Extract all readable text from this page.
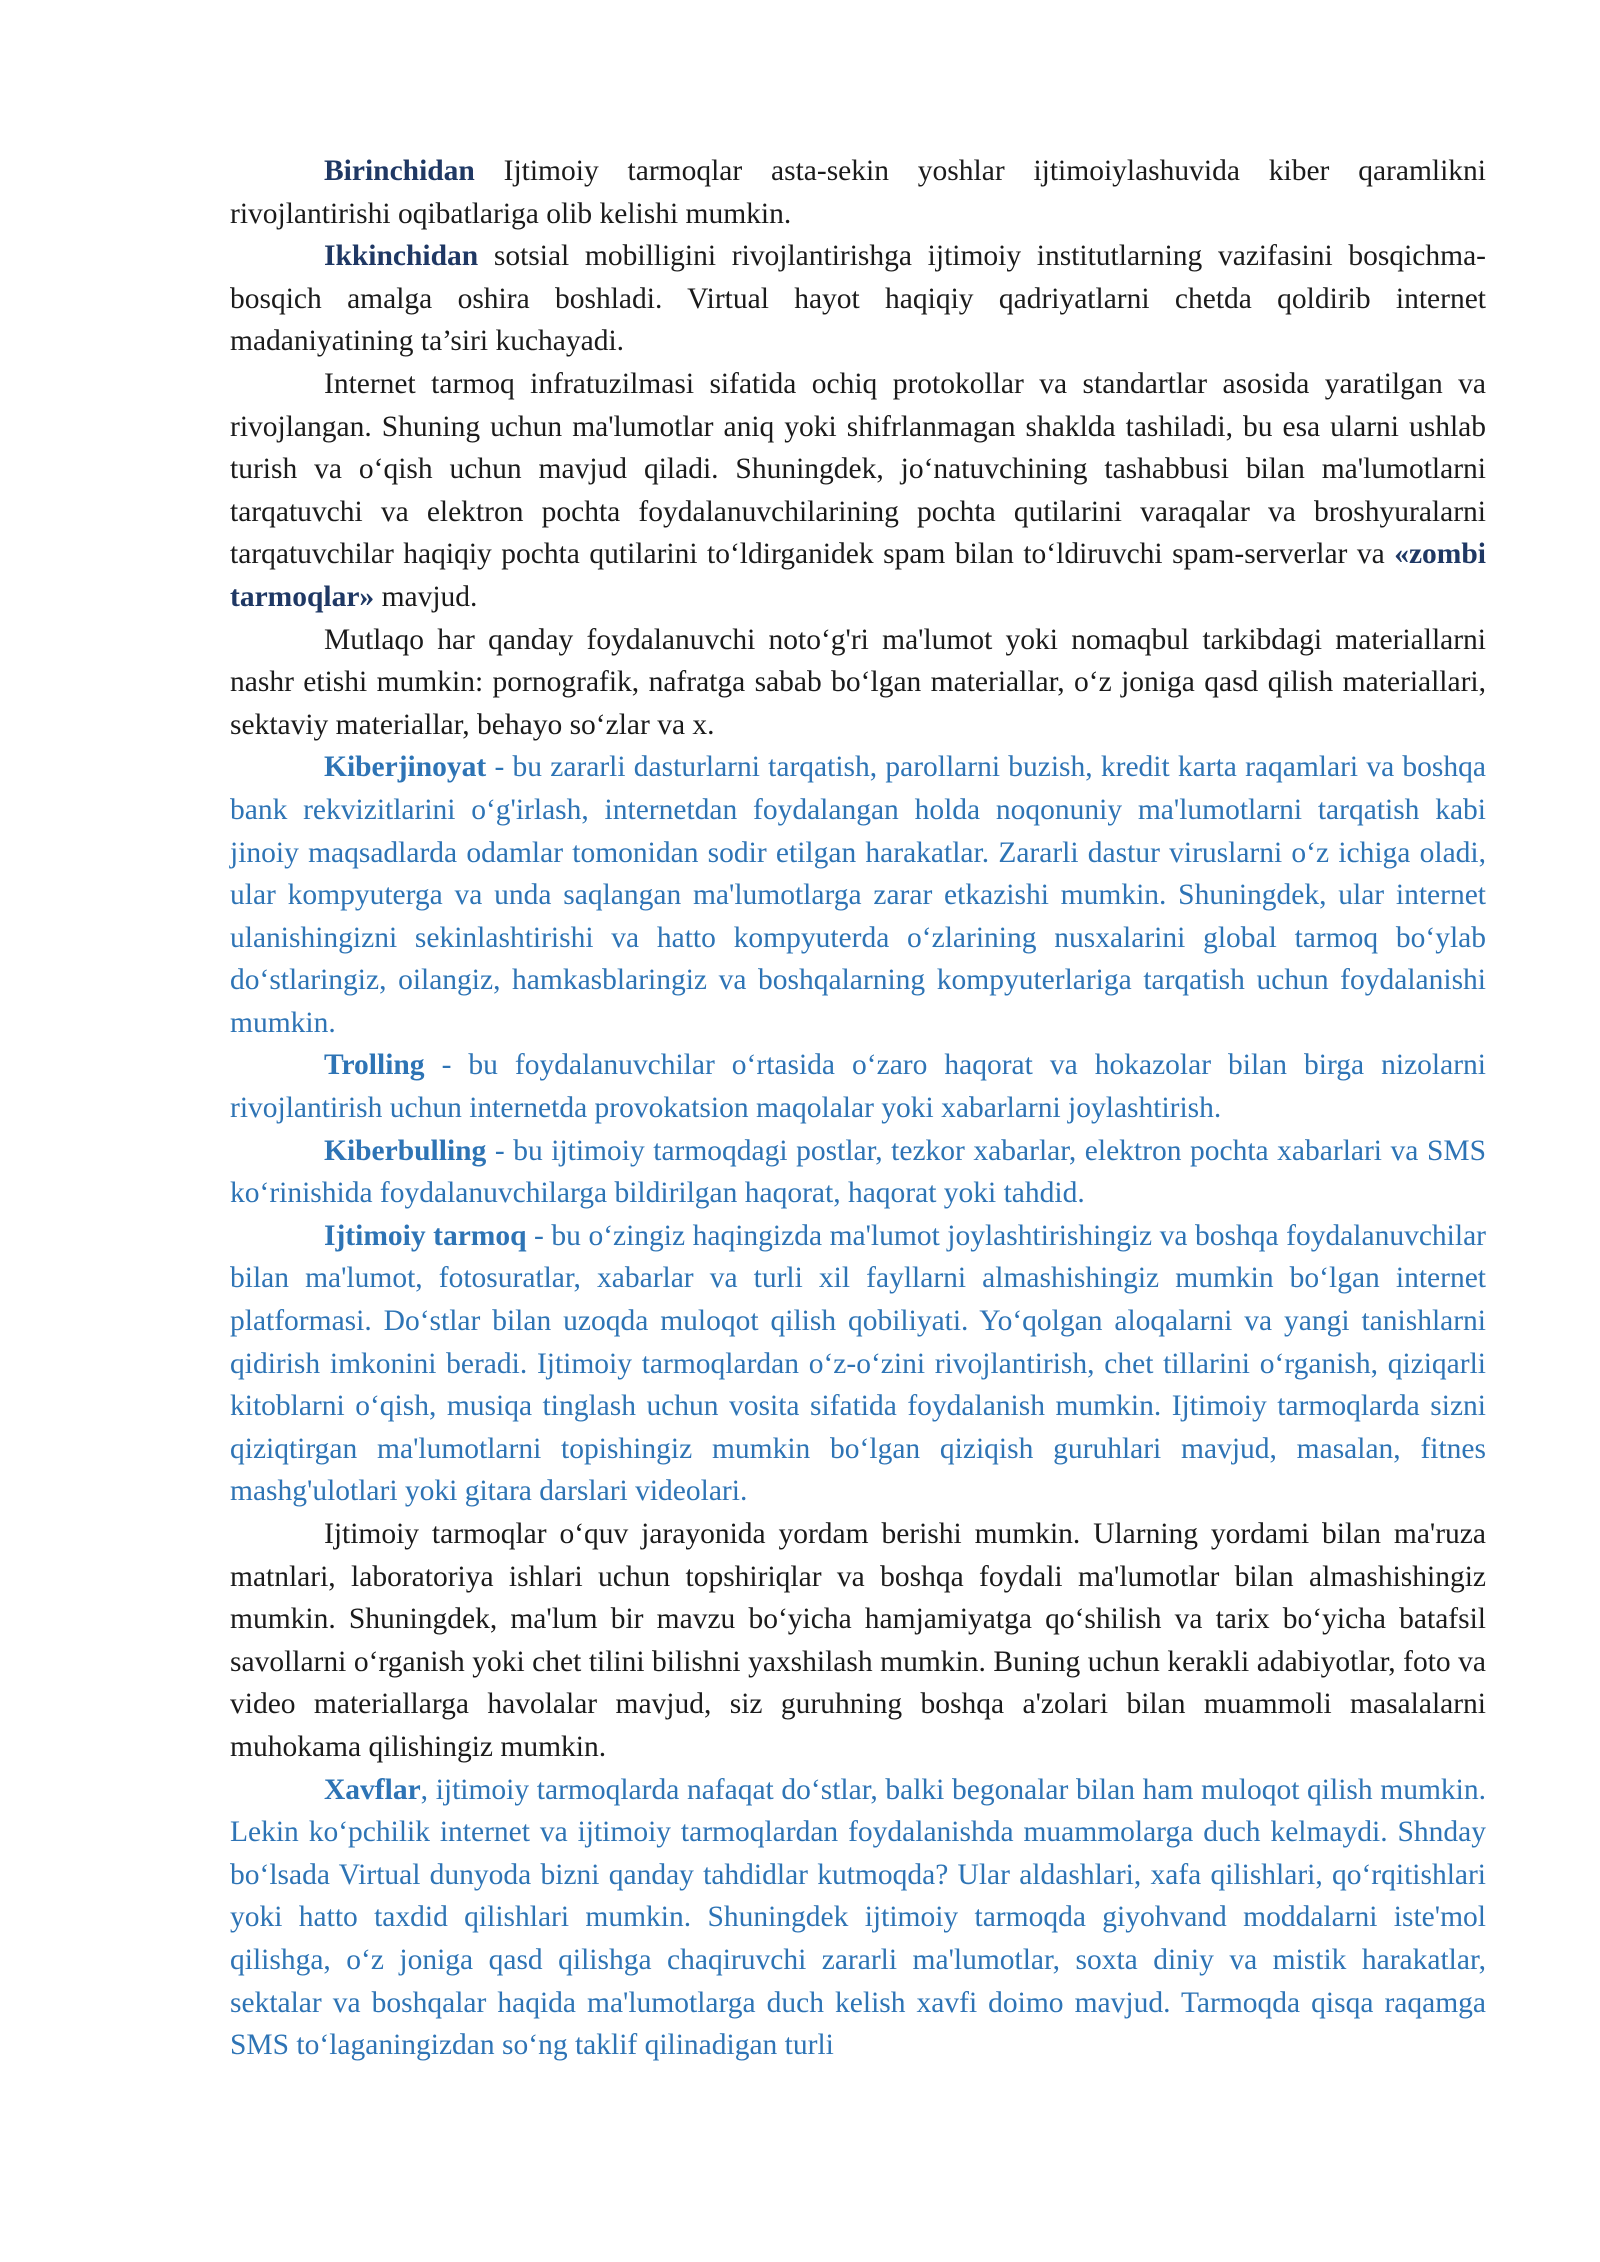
Birinchidan Ijtimoiy tarmoqlar asta-sekin yoshlar ijtimoiylashuvida kiber qaramlikni rivojlantirishi oqibatlariga olib kelishi mumkin.

Ikkinchidan sotsial mobilligini rivojlantirishga ijtimoiy institutlarning vazifasini bosqichma-bosqich amalga oshira boshladi. Virtual hayot haqiqiy qadriyatlarni chetda qoldirib internet madaniyatining ta’siri kuchayadi.

Internet tarmoq infratuzilmasi sifatida ochiq protokollar va standartlar asosida yaratilgan va rivojlangan. Shuning uchun ma'lumotlar aniq yoki shifrlanmagan shaklda tashiladi, bu esa ularni ushlab turish va o‘qish uchun mavjud qiladi. Shuningdek, jo‘natuvchining tashabbusi bilan ma'lumotlarni tarqatuvchi va elektron pochta foydalanuvchilarining pochta qutilarini varaqalar va broshyuralarni tarqatuvchilar haqiqiy pochta qutilarini to‘ldirganidek spam bilan to‘ldiruvchi spam-serverlar va «zombi tarmoqlar» mavjud.

Mutlaqo har qanday foydalanuvchi noto‘g'ri ma'lumot yoki nomaqbul tarkibdagi materiallarni nashr etishi mumkin: pornografik, nafratga sabab bo‘lgan materiallar, o‘z joniga qasd qilish materiallari, sektaviy materiallar, behayo so‘zlar va x.

Kiberjinoyat - bu zararli dasturlarni tarqatish, parollarni buzish, kredit karta raqamlari va boshqa bank rekvizitlarini o‘g'irlash, internetdan foydalangan holda noqonuniy ma'lumotlarni tarqatish kabi jinoiy maqsadlarda odamlar tomonidan sodir etilgan harakatlar. Zararli dastur viruslarni o‘z ichiga oladi, ular kompyuterga va unda saqlangan ma'lumotlarga zarar etkazishi mumkin. Shuningdek, ular internet ulanishingizni sekinlashtirishi va hatto kompyuterda o‘zlarining nusxalarini global tarmoq bo‘ylab do‘stlaringiz, oilangiz, hamkasblaringiz va boshqalarning kompyuterlariga tarqatish uchun foydalanishi mumkin.

Trolling - bu foydalanuvchilar o‘rtasida o‘zaro haqorat va hokazolar bilan birga nizolarni rivojlantirish uchun internetda provokatsion maqolalar yoki xabarlarni joylashtirish.

Kiberbulling - bu ijtimoiy tarmoqdagi postlar, tezkor xabarlar, elektron pochta xabarlari va SMS ko‘rinishida foydalanuvchilarga bildirilgan haqorat, haqorat yoki tahdid.

Ijtimoiy tarmoq - bu o‘zingiz haqingizda ma'lumot joylashtirishingiz va boshqa foydalanuvchilar bilan ma'lumot, fotosuratlar, xabarlar va turli xil fayllarni almashishingiz mumkin bo‘lgan internet platformasi. Do‘stlar bilan uzoqda muloqot qilish qobiliyati. Yo‘qolgan aloqalarni va yangi tanishlarni qidirish imkonini beradi. Ijtimoiy tarmoqlardan o‘z-o‘zini rivojlantirish, chet tillarini o‘rganish, qiziqarli kitoblarni o‘qish, musiqa tinglash uchun vosita sifatida foydalanish mumkin. Ijtimoiy tarmoqlarda sizni qiziqtirgan ma'lumotlarni topishingiz mumkin bo‘lgan qiziqish guruhlari mavjud, masalan, fitnes mashg'ulotlari yoki gitara darslari videolari.

Ijtimoiy tarmoqlar o‘quv jarayonida yordam berishi mumkin. Ularning yordami bilan ma'ruza matnlari, laboratoriya ishlari uchun topshiriqlar va boshqa foydali ma'lumotlar bilan almashishingiz mumkin. Shuningdek, ma'lum bir mavzu bo‘yicha hamjamiyatga qo‘shilish va tarix bo‘yicha batafsil savollarni o‘rganish yoki chet tilini bilishni yaxshilash mumkin. Buning uchun kerakli adabiyotlar, foto va video materiallarga havolalar mavjud, siz guruhning boshqa a'zolari bilan muammoli masalalarni muhokama qilishingiz mumkin.

Xavflar, ijtimoiy tarmoqlarda nafaqat do‘stlar, balki begonalar bilan ham muloqot qilish mumkin. Lekin ko‘pchilik internet va ijtimoiy tarmoqlardan foydalanishda muammolarga duch kelmaydi. Shnday bo‘lsada Virtual dunyoda bizni qanday tahdidlar kutmoqda? Ular aldashlari, xafa qilishlari, qo‘rqitishlari yoki hatto taxdid qilishlari mumkin. Shuningdek ijtimoiy tarmoqda giyohvand moddalarni iste'mol qilishga, o‘z joniga qasd qilishga chaqiruvchi zararli ma'lumotlar, soxta diniy va mistik harakatlar, sektalar va boshqalar haqida ma'lumotlarga duch kelish xavfi doimo mavjud. Tarmoqda qisqa raqamga SMS to‘laganingizdan so‘ng taklif qilinadigan turli
